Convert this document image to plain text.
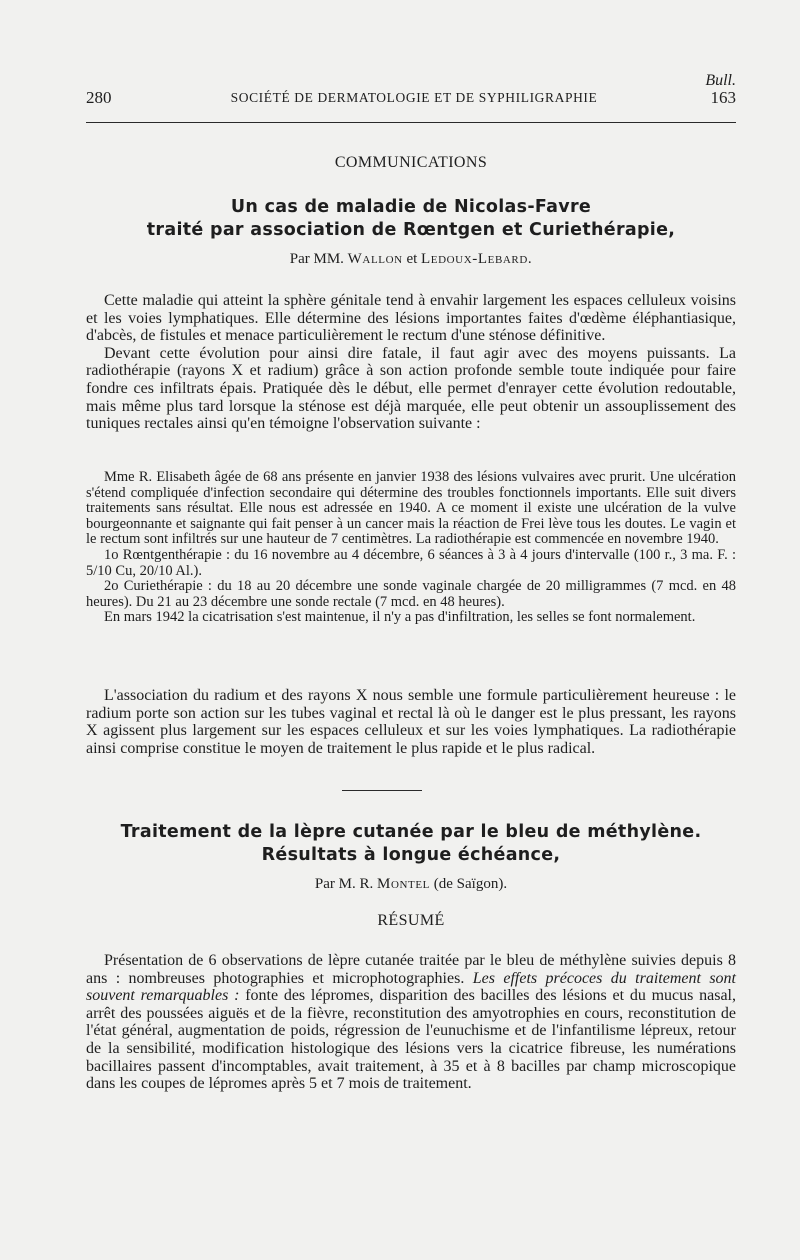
Bull.
280	SOCIÉTÉ DE DERMATOLOGIE ET DE SYPHILIGRAPHIE	163
COMMUNICATIONS
Un cas de maladie de Nicolas-Favre
traité par association de Rœntgen et Curiethérapie,
Par MM. Wallon et Ledoux-Lebard.

Cette maladie qui atteint la sphère génitale tend à envahir largement les espaces celluleux voisins et les voies lymphatiques. Elle détermine des lésions importantes faites d'œdème éléphantiasique, d'abcès, de fistules et menace particulièrement le rectum d'une sténose définitive.

Devant cette évolution pour ainsi dire fatale, il faut agir avec des moyens puissants. La radiothérapie (rayons X et radium) grâce à son action profonde semble toute indiquée pour faire fondre ces infiltrats épais. Pratiquée dès le début, elle permet d'enrayer cette évolution redoutable, mais même plus tard lorsque la sténose est déjà marquée, elle peut obtenir un assouplissement des tuniques rectales ainsi qu'en témoigne l'observation suivante :

Mme R. Elisabeth âgée de 68 ans présente en janvier 1938 des lésions vulvaires avec prurit. Une ulcération s'étend compliquée d'infection secondaire qui détermine des troubles fonctionnels importants. Elle suit divers traitements sans résultat. Elle nous est adressée en 1940. A ce moment il existe une ulcération de la vulve bourgeonnante et saignante qui fait penser à un cancer mais la réaction de Frei lève tous les doutes. Le vagin et le rectum sont infiltrés sur une hauteur de 7 centimètres. La radiothérapie est commencée en novembre 1940.

1o Rœntgenthérapie : du 16 novembre au 4 décembre, 6 séances à 3 à 4 jours d'intervalle (100 r., 3 ma. F. : 5/10 Cu, 20/10 Al.).

2o Curiethérapie : du 18 au 20 décembre une sonde vaginale chargée de 20 milligrammes (7 mcd. en 48 heures). Du 21 au 23 décembre une sonde rectale (7 mcd. en 48 heures).

En mars 1942 la cicatrisation s'est maintenue, il n'y a pas d'infiltration, les selles se font normalement.

L'association du radium et des rayons X nous semble une formule particulièrement heureuse : le radium porte son action sur les tubes vaginal et rectal là où le danger est le plus pressant, les rayons X agissent plus largement sur les espaces celluleux et sur les voies lymphatiques. La radiothérapie ainsi comprise constitue le moyen de traitement le plus rapide et le plus radical.

Traitement de la lèpre cutanée par le bleu de méthylène.
Résultats à longue échéance,
Par M. R. Montel (de Saïgon).
RÉSUMÉ

Présentation de 6 observations de lèpre cutanée traitée par le bleu de méthylène suivies depuis 8 ans : nombreuses photographies et microphotographies. Les effets précoces du traitement sont souvent remarquables : fonte des lépromes, disparition des bacilles des lésions et du mucus nasal, arrêt des poussées aiguës et de la fièvre, reconstitution des amyotrophies en cours, reconstitution de l'état général, augmentation de poids, régression de l'eunuchisme et de l'infantilisme lépreux, retour de la sensibilité, modification histologique des lésions vers la cicatrice fibreuse, les numérations bacillaires passent d'incomptables, avait traitement, à 35 et à 8 bacilles par champ microscopique dans les coupes de lépromes après 5 et 7 mois de traitement.
